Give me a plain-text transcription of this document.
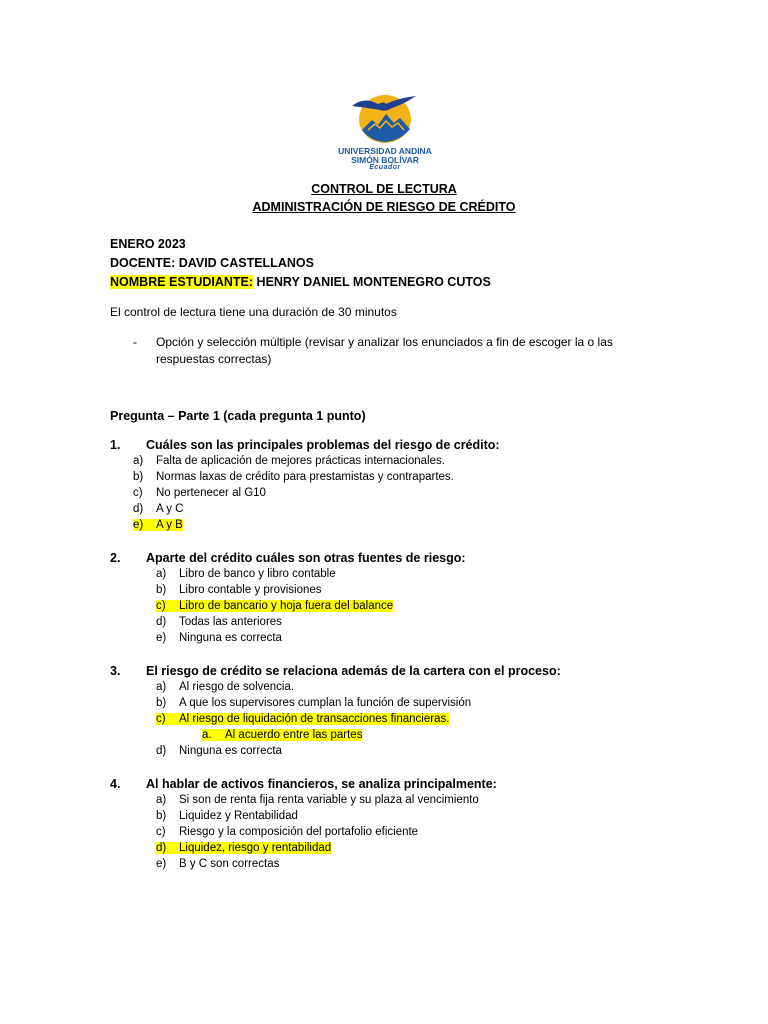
UNIVERSIDAD ANDINA
SIMÓN BOLÍVAR
Ecuador
CONTROL DE LECTURA
ADMINISTRACIÓN DE RIESGO DE CRÉDITO
ENERO 2023
DOCENTE: DAVID CASTELLANOS
NOMBRE ESTUDIANTE: HENRY DANIEL MONTENEGRO CUTOS
El control de lectura tiene una duración de 30 minutos
- Opción y selección múltiple (revisar y analizar los enunciados a fin de escoger la o las respuestas correctas)
Pregunta – Parte 1 (cada pregunta 1 punto)
1. Cuáles son las principales problemas del riesgo de crédito:
a) Falta de aplicación de mejores prácticas internacionales.
b) Normas laxas de crédito para prestamistas y contrapartes.
c) No pertenecer al G10
d) A y C
e) A y B
2. Aparte del crédito cuáles son otras fuentes de riesgo:
a) Libro de banco y libro contable
b) Libro contable y provisiones
c) Libro de bancario y hoja fuera del balance
d) Todas las anteriores
e) Ninguna es correcta
3. El riesgo de crédito se relaciona además de la cartera con el proceso:
a) Al riesgo de solvencia.
b) A que los supervisores cumplan la función de supervisión
c) Al riesgo de liquidación de transacciones financieras.
a. Al acuerdo entre las partes
d) Ninguna es correcta
4. Al hablar de activos financieros, se analiza principalmente:
a) Si son de renta fija renta variable y su plaza al vencimiento
b) Liquidez y Rentabilidad
c) Riesgo y la composición del portafolio eficiente
d) Liquidez, riesgo y rentabilidad
e) B y C son correctas
